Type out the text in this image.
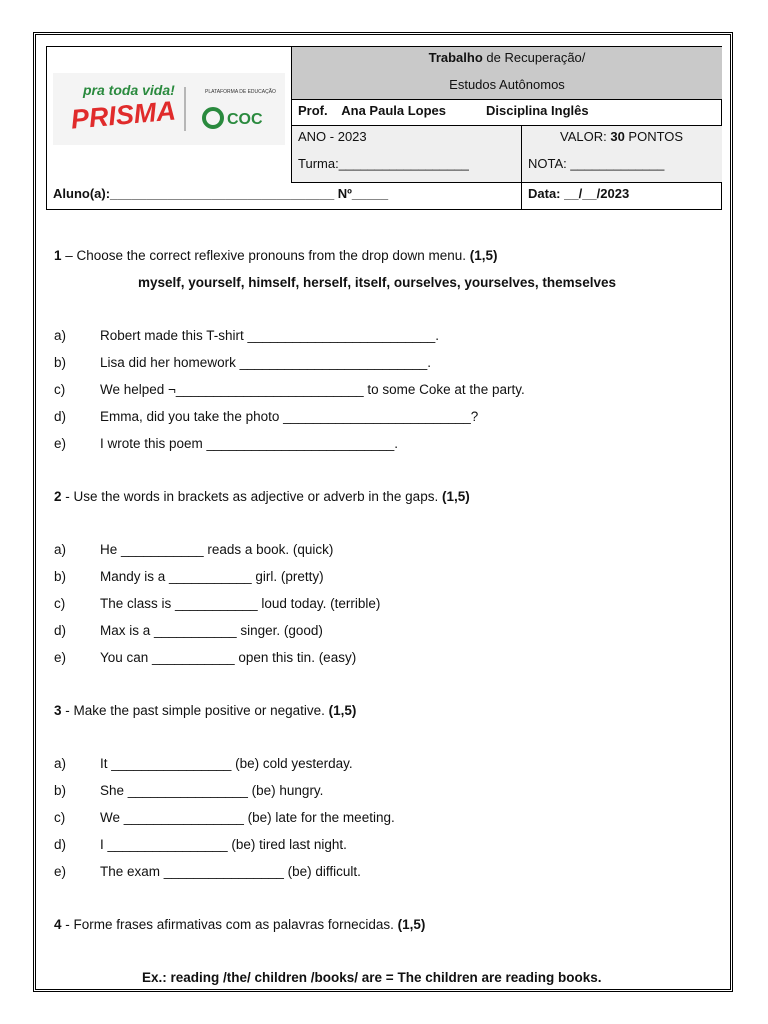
pra toda vida!
PRISMA
PLATAFORMA DE EDUCAÇÃO
COC
Trabalho de Recuperação/
Estudos Autônomos
Prof. Ana Paula Lopes	Disciplina Inglês
ANO - 2023
Turma:__________________
VALOR: 30 PONTOS
NOTA: _____________
Aluno(a):_______________________________ Nº_____	Data: __/__/2023
1 – Choose the correct reflexive pronouns from the drop down menu. (1,5)
myself, yourself, himself, herself, itself, ourselves, yourselves, themselves
a)	Robert made this T-shirt _________________________.
b)	Lisa did her homework _________________________.
c)	We helped ¬_________________________ to some Coke at the party.
d)	Emma, did you take the photo _________________________?
e)	I wrote this poem _________________________.
2 - Use the words in brackets as adjective or adverb in the gaps. (1,5)
a)	He ___________ reads a book. (quick)
b)	Mandy is a ___________ girl. (pretty)
c)	The class is ___________ loud today. (terrible)
d)	Max is a ___________ singer. (good)
e)	You can ___________ open this tin. (easy)
3 - Make the past simple positive or negative. (1,5)
a)	It ________________ (be) cold yesterday.
b)	She ________________ (be) hungry.
c)	We ________________ (be) late for the meeting.
d)	I ________________ (be) tired last night.
e)	The exam ________________ (be) difficult.
4 - Forme frases afirmativas com as palavras fornecidas. (1,5)
Ex.: reading /the/ children /books/ are = The children are reading books.
